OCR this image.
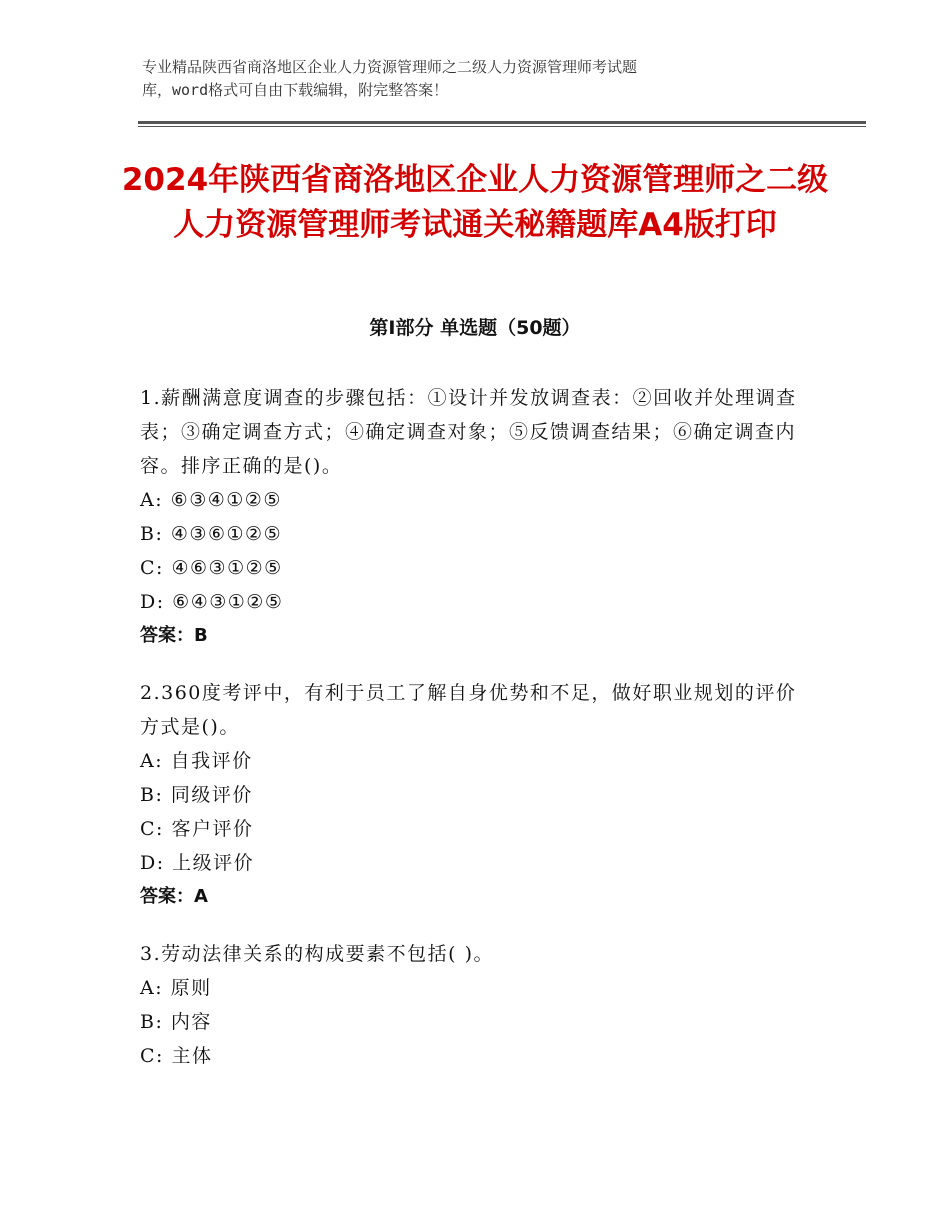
专业精品陕西省商洛地区企业人力资源管理师之二级人力资源管理师考试题
库，word格式可自由下载编辑，附完整答案！
2024年陕西省商洛地区企业人力资源管理师之二级人力资源管理师考试通关秘籍题库A4版打印
第Ⅰ部分 单选题（50题）

1.薪酬满意度调查的步骤包括：①设计并发放调查表：②回收并处理调查表；③确定调查方式；④确定调查对象；⑤反馈调查结果；⑥确定调查内容。排序正确的是()。

A: ⑥③④①②⑤

B: ④③⑥①②⑤

C: ④⑥③①②⑤

D: ⑥④③①②⑤

答案：B

2.360度考评中，有利于员工了解自身优势和不足，做好职业规划的评价方式是()。

A: 自我评价

B: 同级评价

C: 客户评价

D: 上级评价

答案：A

3.劳动法律关系的构成要素不包括( )。

A: 原则

B: 内容

C: 主体
